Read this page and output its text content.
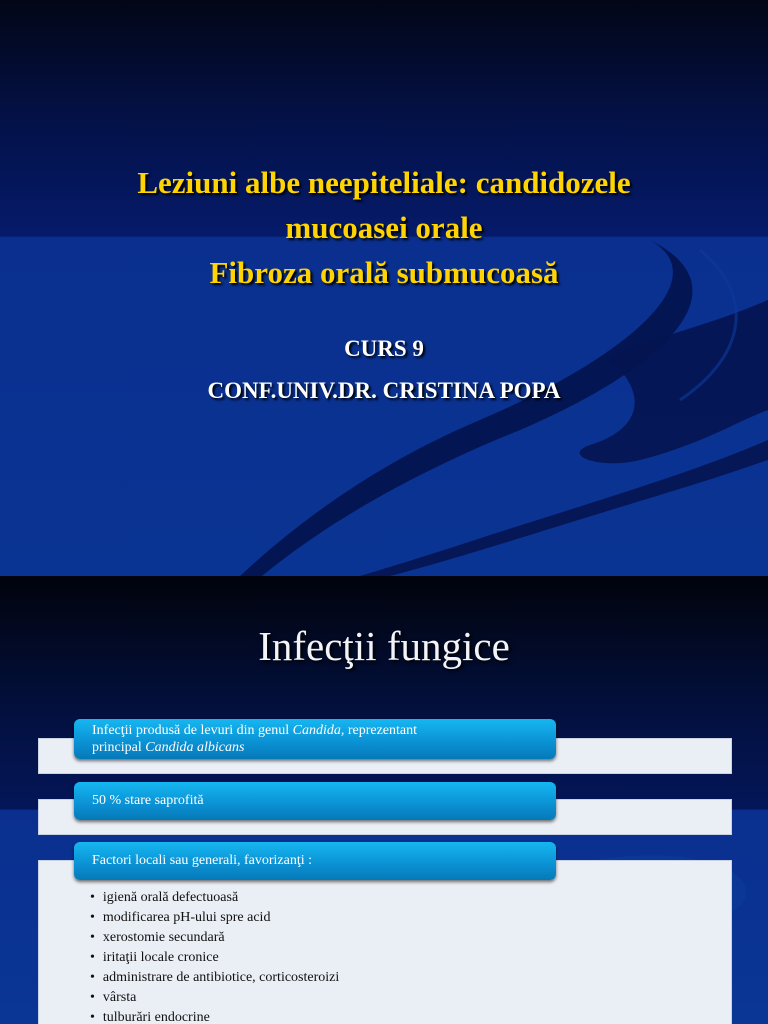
Leziuni albe neepiteliale: candidozele
mucoasei orale
Fibroza orală submucoasă
CURS 9
CONF.UNIV.DR. CRISTINA POPA
Infecţii fungice
Infecţii produsă de levuri din genul Candida, reprezentant
principal Candida albicans
50 % stare saprofită
Factori locali sau generali, favorizanţi :
• igienă orală defectuoasă
• modificarea pH-ului spre acid
• xerostomie secundară
• iritaţii locale cronice
• administrare de antibiotice, corticosteroizi
• vârsta
• tulburări endocrine
